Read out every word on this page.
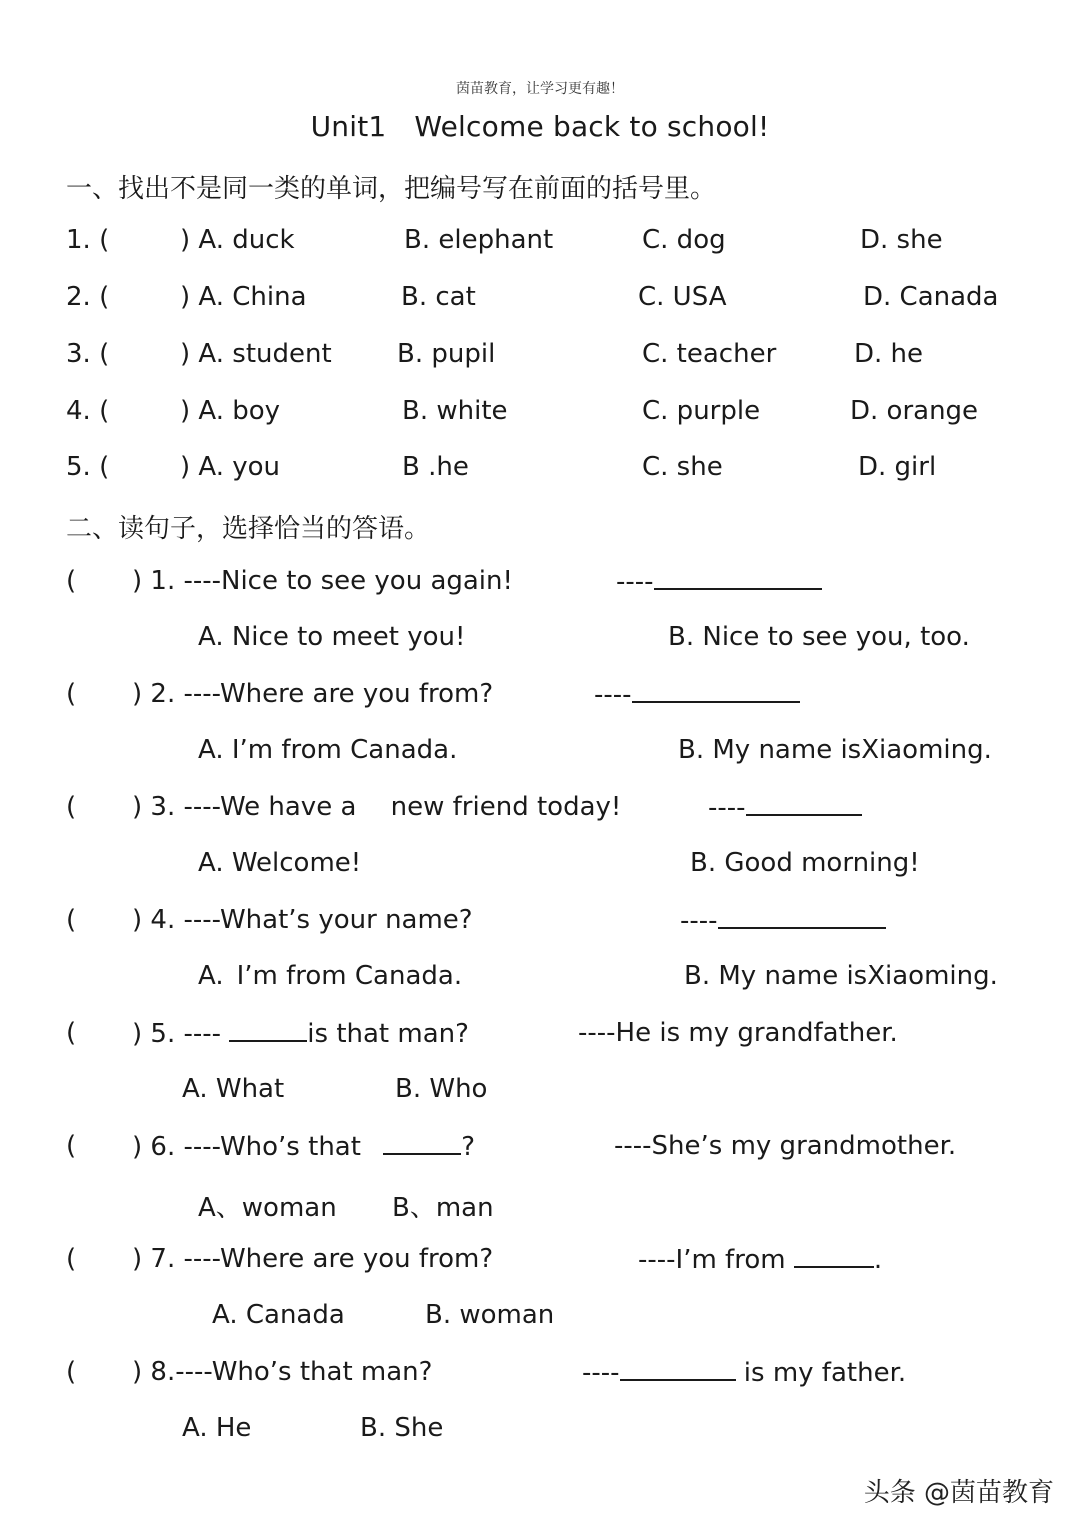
茵苗教育，让学习更有趣！
Unit1 Welcome back to school!
一、找出不是同一类的单词，把编号写在前面的括号里。
1. (	) A. duck	B. elephant	C. dog	D. she
2. (	) A. China	B. cat	C. USA	D. Canada
3. (	) A. student	B. pupil	C. teacher	D. he
4. (	) A. boy	B. white	C. purple	D. orange
5. (	) A. you	B .he	C. she	D. girl
二、读句子，选择恰当的答语。
( ) 1. ----Nice to see you again!	----
A. Nice to meet you!	B. Nice to see you, too.
( ) 2. ----Where are you from?	----
A. I’m from Canada.	B. My name isXiaoming.
( ) 3. ----We have a  new friend today!	----
A. Welcome!	B. Good morning!
( ) 4. ----What’s your name?	----
A. I’m from Canada.	B. My name isXiaoming.
( ) 5. ----	is that man?	----He is my grandfather.
A. What	B. Who
( ) 6. ----Who’s that	?	----She’s my grandmother.
A、woman B、man
( ) 7. ----Where are you from?	----I’m from	.
A. Canada	B. woman
( ) 8.----Who’s that man?	----	is my father.
A. He	B. She
头条 @茵苗教育
